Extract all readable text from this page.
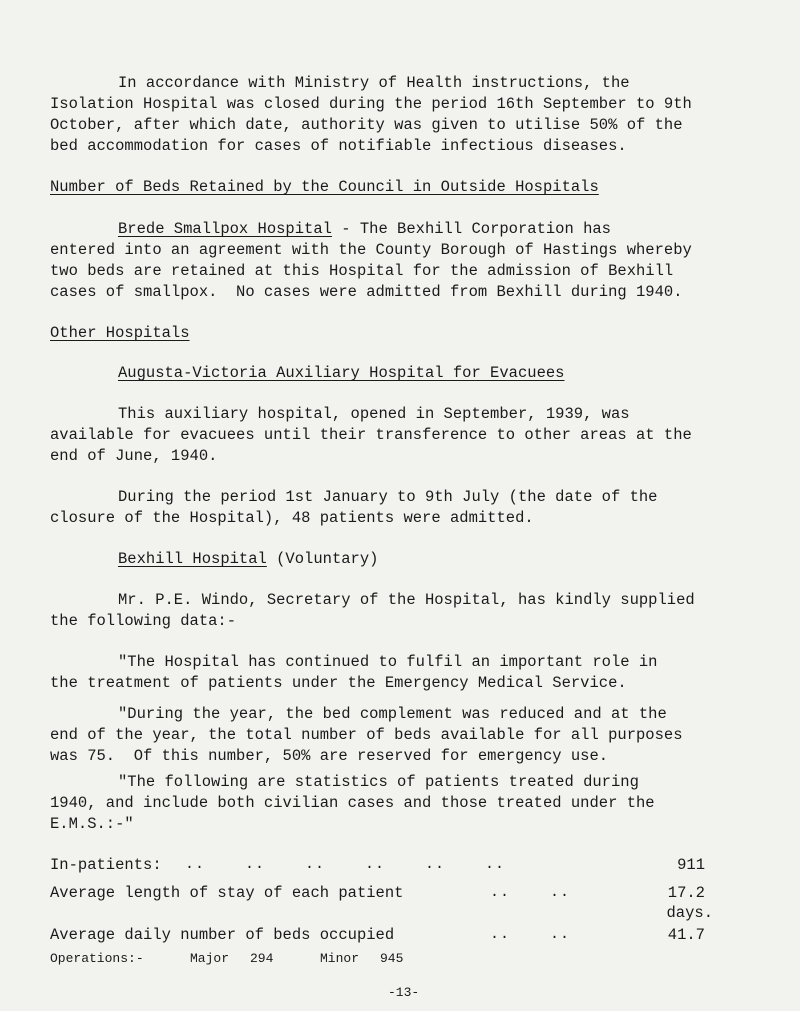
In accordance with Ministry of Health instructions, the
Isolation Hospital was closed during the period 16th September to 9th
October, after which date, authority was given to utilise 50% of the
bed accommodation for cases of notifiable infectious diseases.
Number of Beds Retained by the Council in Outside Hospitals
Brede Smallpox Hospital - The Bexhill Corporation has
entered into an agreement with the County Borough of Hastings whereby
two beds are retained at this Hospital for the admission of Bexhill
cases of smallpox.  No cases were admitted from Bexhill during 1940.
Other Hospitals
Augusta-Victoria Auxiliary Hospital for Evacuees
This auxiliary hospital, opened in September, 1939, was
available for evacuees until their transference to other areas at the
end of June, 1940.
During the period 1st January to 9th July (the date of the
closure of the Hospital), 48 patients were admitted.
Bexhill Hospital (Voluntary)
Mr. P.E. Windo, Secretary of the Hospital, has kindly supplied
the following data:-
"The Hospital has continued to fulfil an important role in
the treatment of patients under the Emergency Medical Service.
"During the year, the bed complement was reduced and at the
end of the year, the total number of beds available for all purposes
was 75.  Of this number, 50% are reserved for emergency use.
"The following are statistics of patients treated during
1940, and include both civilian cases and those treated under the
E.M.S.:-"
In-patients: ..    ..    ..    ..    ..    ..	911
Average length of stay of each patient	..    ..	17.2
days.
Average daily number of beds occupied	..    ..	41.7
Operations:-	Major 294	Minor 945
-13-
